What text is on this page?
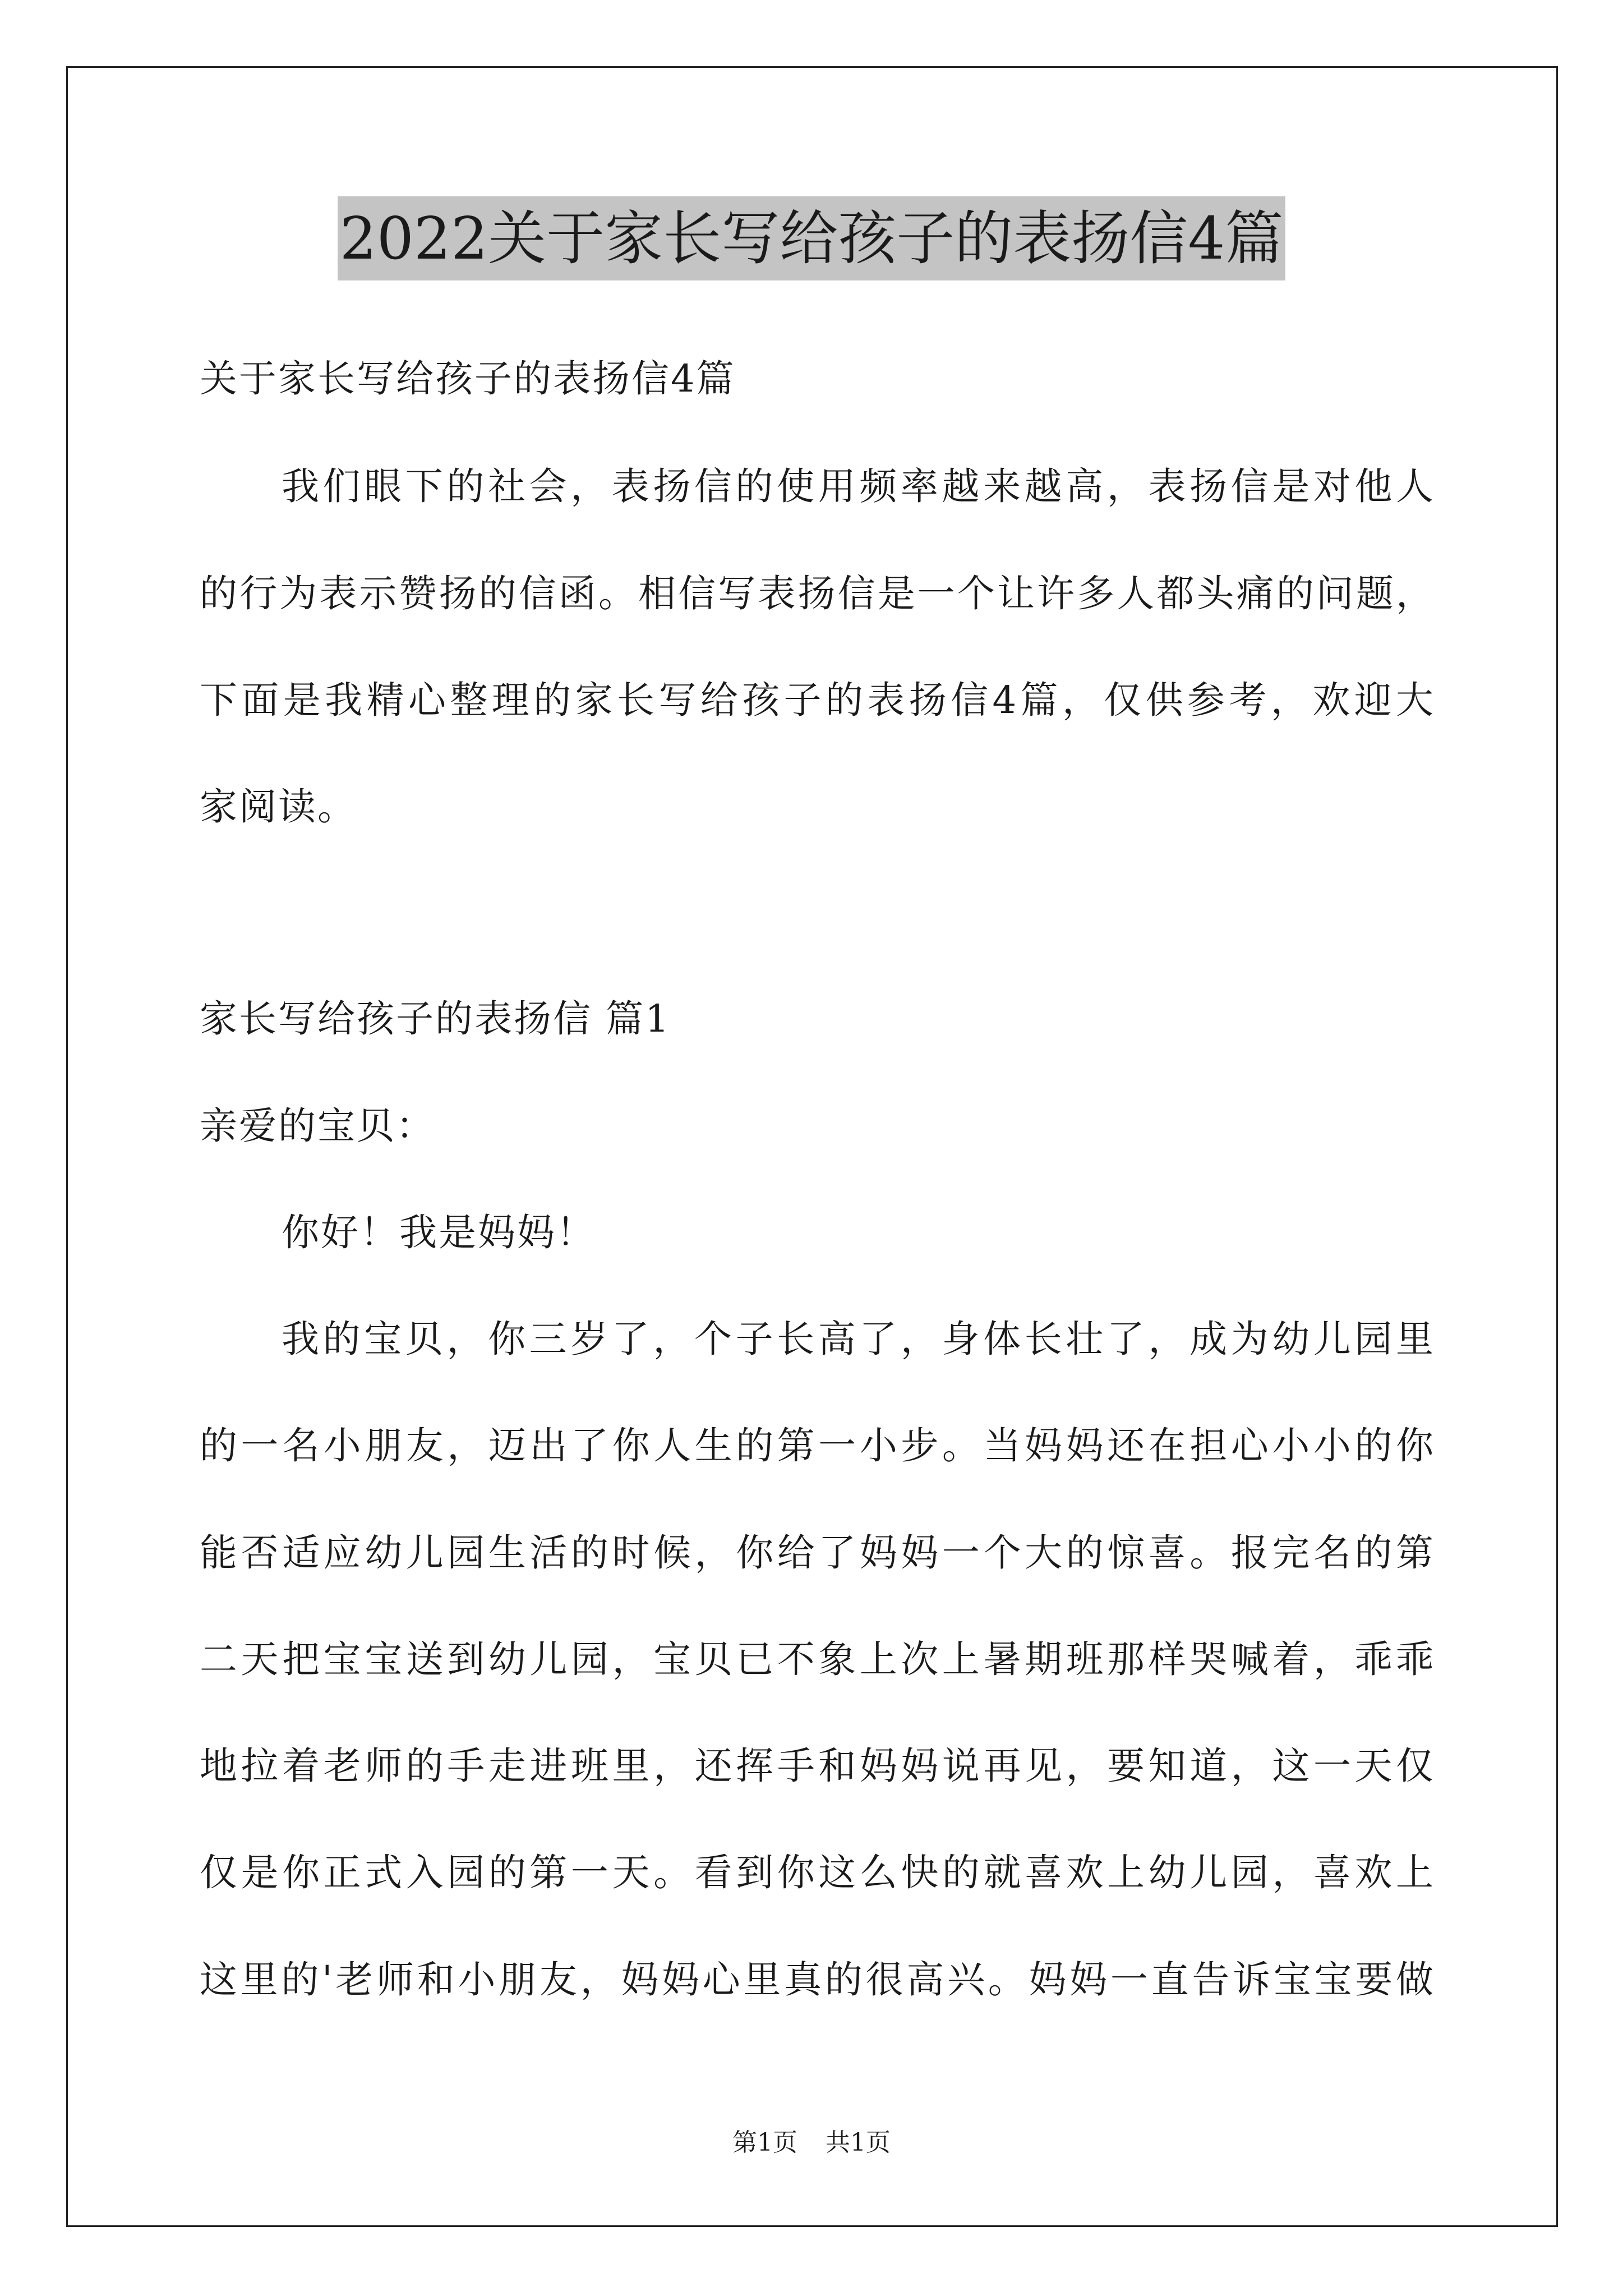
2022关于家长写给孩子的表扬信4篇
关于家长写给孩子的表扬信4篇
我们眼下的社会，表扬信的使用频率越来越高，表扬信是对他人
的行为表示赞扬的信函。相信写表扬信是一个让许多人都头痛的问题，
下面是我精心整理的家长写给孩子的表扬信4篇，仅供参考，欢迎大
家阅读。
家长写给孩子的表扬信 篇1
亲爱的宝贝：
你好！我是妈妈！
我的宝贝，你三岁了，个子长高了，身体长壮了，成为幼儿园里
的一名小朋友，迈出了你人生的第一小步。当妈妈还在担心小小的你
能否适应幼儿园生活的时候，你给了妈妈一个大的惊喜。报完名的第
二天把宝宝送到幼儿园，宝贝已不象上次上暑期班那样哭喊着，乖乖
地拉着老师的手走进班里，还挥手和妈妈说再见，要知道，这一天仅
仅是你正式入园的第一天。看到你这么快的就喜欢上幼儿园，喜欢上
这里的'老师和小朋友，妈妈心里真的很高兴。妈妈一直告诉宝宝要做
第1页 共1页
